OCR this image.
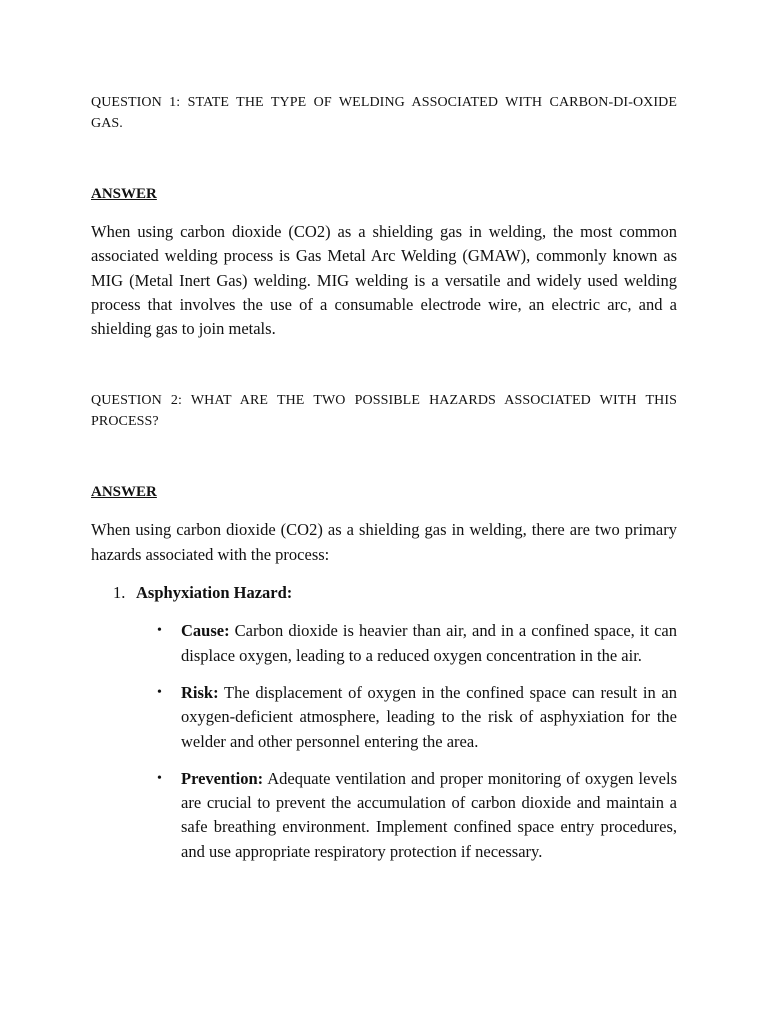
QUESTION 1: STATE THE TYPE OF WELDING ASSOCIATED WITH CARBON-DI-OXIDE GAS.

ANSWER

When using carbon dioxide (CO2) as a shielding gas in welding, the most common associated welding process is Gas Metal Arc Welding (GMAW), commonly known as MIG (Metal Inert Gas) welding. MIG welding is a versatile and widely used welding process that involves the use of a consumable electrode wire, an electric arc, and a shielding gas to join metals.

QUESTION 2: WHAT ARE THE TWO POSSIBLE HAZARDS ASSOCIATED WITH THIS PROCESS?

ANSWER

When using carbon dioxide (CO2) as a shielding gas in welding, there are two primary hazards associated with the process:

1. Asphyxiation Hazard:
• Cause: Carbon dioxide is heavier than air, and in a confined space, it can displace oxygen, leading to a reduced oxygen concentration in the air.
• Risk: The displacement of oxygen in the confined space can result in an oxygen-deficient atmosphere, leading to the risk of asphyxiation for the welder and other personnel entering the area.
• Prevention: Adequate ventilation and proper monitoring of oxygen levels are crucial to prevent the accumulation of carbon dioxide and maintain a safe breathing environment. Implement confined space entry procedures, and use appropriate respiratory protection if necessary.
